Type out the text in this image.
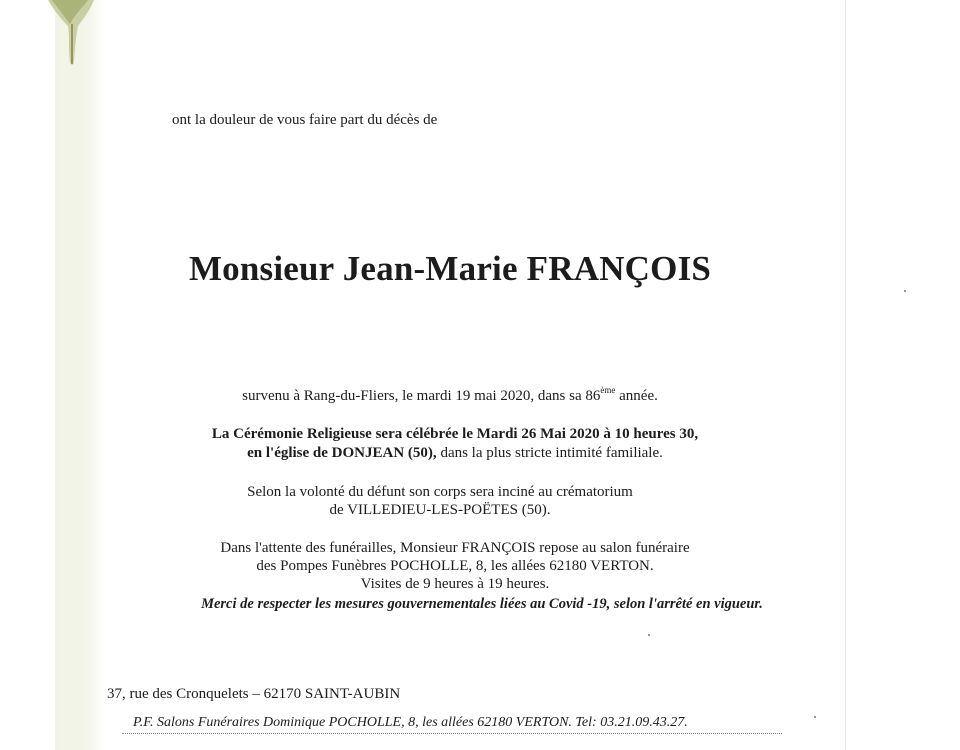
ont la douleur de vous faire part du décès de
Monsieur Jean-Marie FRANÇOIS
survenu à Rang-du-Fliers, le mardi 19 mai 2020, dans sa 86ème année.
La Cérémonie Religieuse sera célébrée le Mardi 26 Mai 2020 à 10 heures 30,
en l'église de DONJEAN (50), dans la plus stricte intimité familiale.
Selon la volonté du défunt son corps sera inciné au crématorium
de VILLEDIEU-LES-POËTES (50).
Dans l'attente des funérailles, Monsieur FRANÇOIS repose au salon funéraire
des Pompes Funèbres POCHOLLE, 8, les allées 62180 VERTON.
Visites de 9 heures à 19 heures.
Merci de respecter les mesures gouvernementales liées au Covid -19, selon l'arrêté en vigueur.
37, rue des Cronquelets – 62170 SAINT-AUBIN
P.F. Salons Funéraires Dominique POCHOLLE, 8, les allées 62180 VERTON. Tel: 03.21.09.43.27.
